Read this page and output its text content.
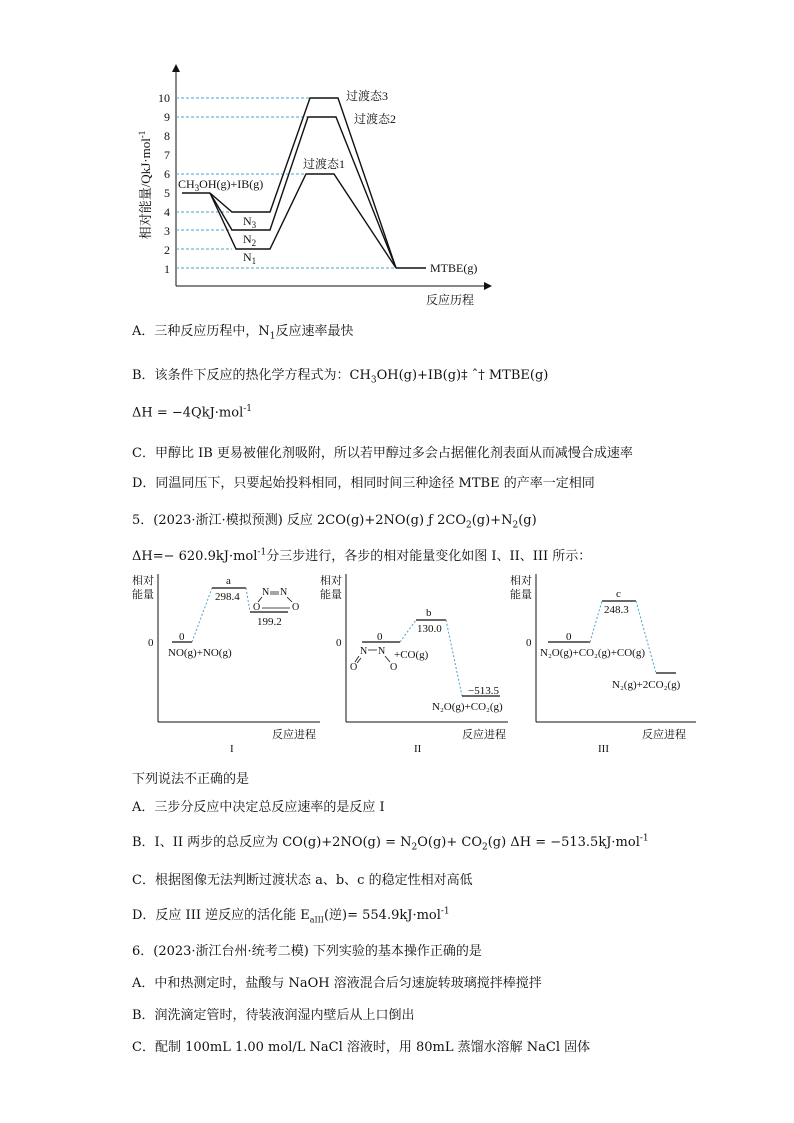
相对能量/QkJ·mol$^{-1}$
10
9
8
7
6
5
4
3
2
1
$CH_3OH(g)+IB(g)$
过渡态3
过渡态2
过渡态1
$N_3$
$N_2$
$N_1$	MTBE(g)
反应历程
A．三种反应历程中，$N_1$反应速率最快
B．该条件下反应的热化学方程式为：$CH_3OH(g)+IB(g)\ddagger$ ˆ† MTBE(g)
ΔH = −4QkJ·mol$^{-1}$
C．甲醇比 IB 更易被催化剂吸附，所以若甲醇过多会占据催化剂表面从而减慢合成速率
D．同温同压下，只要起始投料相同，相同时间三种途径 MTBE 的产率一定相同
5．(2023·浙江·模拟预测) 反应 2CO(g)+2NO(g) ƒ $2CO_2(g)+N_2(g)$
ΔH=− 620.9kJ·mol$^{-1}$分三步进行，各步的相对能量变化如图 I、II、III 所示：
相对
能量
0 0
a
298.4
199.2
NO(g)+NO(g)
N N
O	O
反应进程
I
相对
能量
0	0
b
130.0
N N
O	O
+CO(g)
−513.5
N₂O(g)+CO₂(g)
反应进程
II
相对
能量
0	0
c
248.3
N₂O(g)+CO₂(g)+CO(g)
N₂(g)+2CO₂(g)
反应进程
III
下列说法不正确的是
A．三步分反应中决定总反应速率的是反应 I
B．I、II 两步的总反应为 $CO(g)+2NO(g) = N_2O(g)+ CO_2(g) \Delta H = -513.5kJ\cdot mol^{-1}$
C．根据图像无法判断过渡状态 a、b、c 的稳定性相对高低
D．反应 III 逆反应的活化能 $E_{aIII}$(逆)= 554.9kJ·mol$^{-1}$
6．(2023·浙江台州·统考二模) 下列实验的基本操作正确的是
A．中和热测定时，盐酸与 NaOH 溶液混合后匀速旋转玻璃搅拌棒搅拌
B．润洗滴定管时，待装液润湿内壁后从上口倒出
C．配制 100mL 1.00 mol/L NaCl 溶液时，用 80mL 蒸馏水溶解 NaCl 固体
